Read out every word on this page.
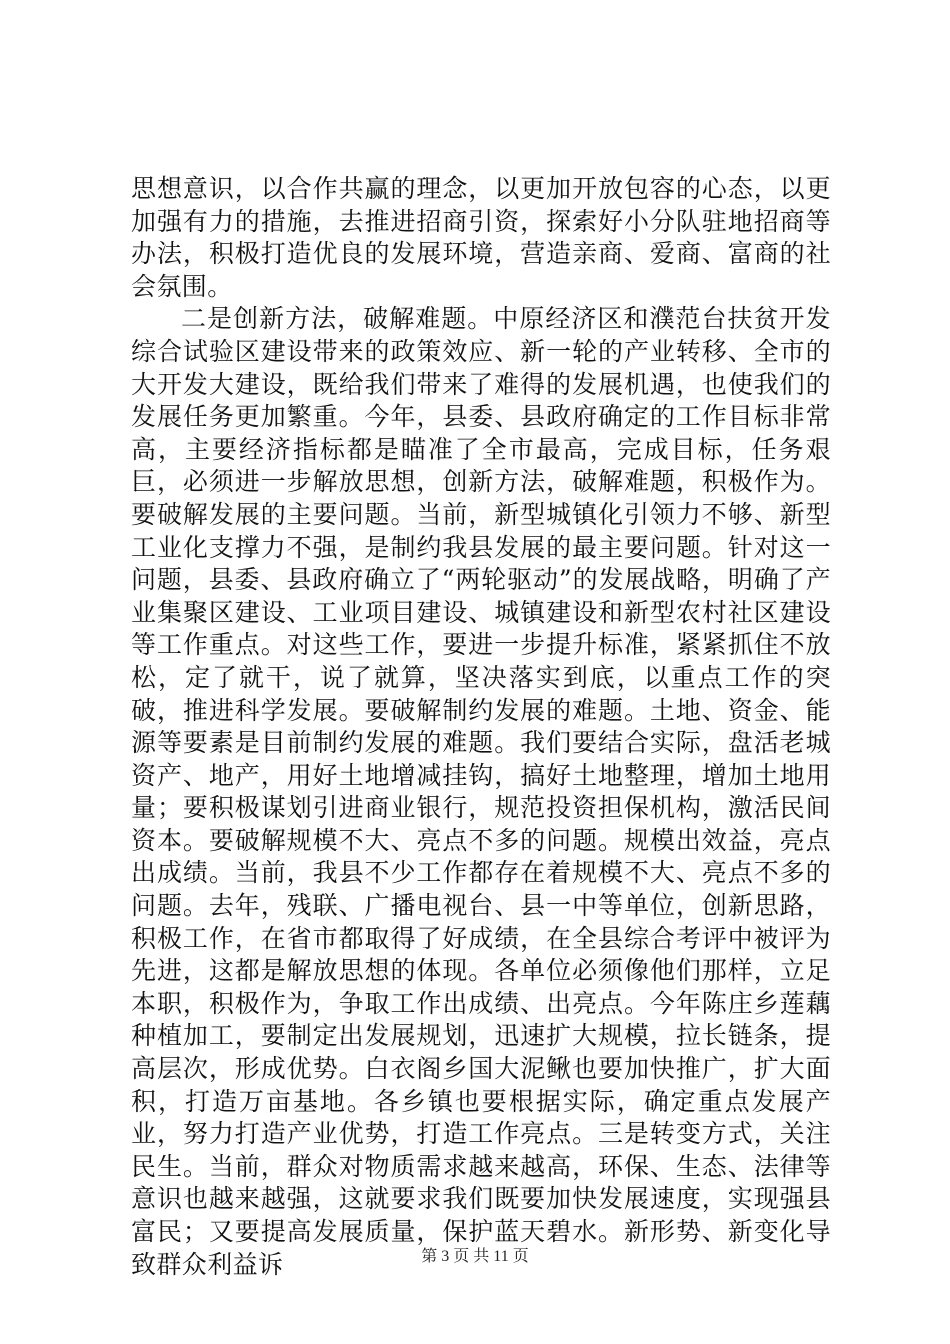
思想意识，以合作共赢的理念，以更加开放包容的心态，以更加强有力的措施，去推进招商引资，探索好小分队驻地招商等办法，积极打造优良的发展环境，营造亲商、爱商、富商的社会氛围。

二是创新方法，破解难题。中原经济区和濮范台扶贫开发综合试验区建设带来的政策效应、新一轮的产业转移、全市的大开发大建设，既给我们带来了难得的发展机遇，也使我们的发展任务更加繁重。今年，县委、县政府确定的工作目标非常高，主要经济指标都是瞄准了全市最高，完成目标，任务艰巨，必须进一步解放思想，创新方法，破解难题，积极作为。要破解发展的主要问题。当前，新型城镇化引领力不够、新型工业化支撑力不强，是制约我县发展的最主要问题。针对这一问题，县委、县政府确立了“两轮驱动”的发展战略，明确了产业集聚区建设、工业项目建设、城镇建设和新型农村社区建设等工作重点。对这些工作，要进一步提升标准，紧紧抓住不放松，定了就干，说了就算，坚决落实到底，以重点工作的突破，推进科学发展。要破解制约发展的难题。土地、资金、能源等要素是目前制约发展的难题。我们要结合实际，盘活老城资产、地产，用好土地增减挂钩，搞好土地整理，增加土地用量；要积极谋划引进商业银行，规范投资担保机构，激活民间资本。要破解规模不大、亮点不多的问题。规模出效益，亮点出成绩。当前，我县不少工作都存在着规模不大、亮点不多的问题。去年，残联、广播电视台、县一中等单位，创新思路，积极工作，在省市都取得了好成绩，在全县综合考评中被评为先进，这都是解放思想的体现。各单位必须像他们那样，立足本职，积极作为，争取工作出成绩、出亮点。今年陈庄乡莲藕种植加工，要制定出发展规划，迅速扩大规模，拉长链条，提高层次，形成优势。白衣阁乡国大泥鳅也要加快推广，扩大面积，打造万亩基地。各乡镇也要根据实际，确定重点发展产业，努力打造产业优势，打造工作亮点。三是转变方式，关注民生。当前，群众对物质需求越来越高，环保、生态、法律等意识也越来越强，这就要求我们既要加快发展速度，实现强县富民；又要提高发展质量，保护蓝天碧水。新形势、新变化导致群众利益诉	第 3 页 共 11 页
